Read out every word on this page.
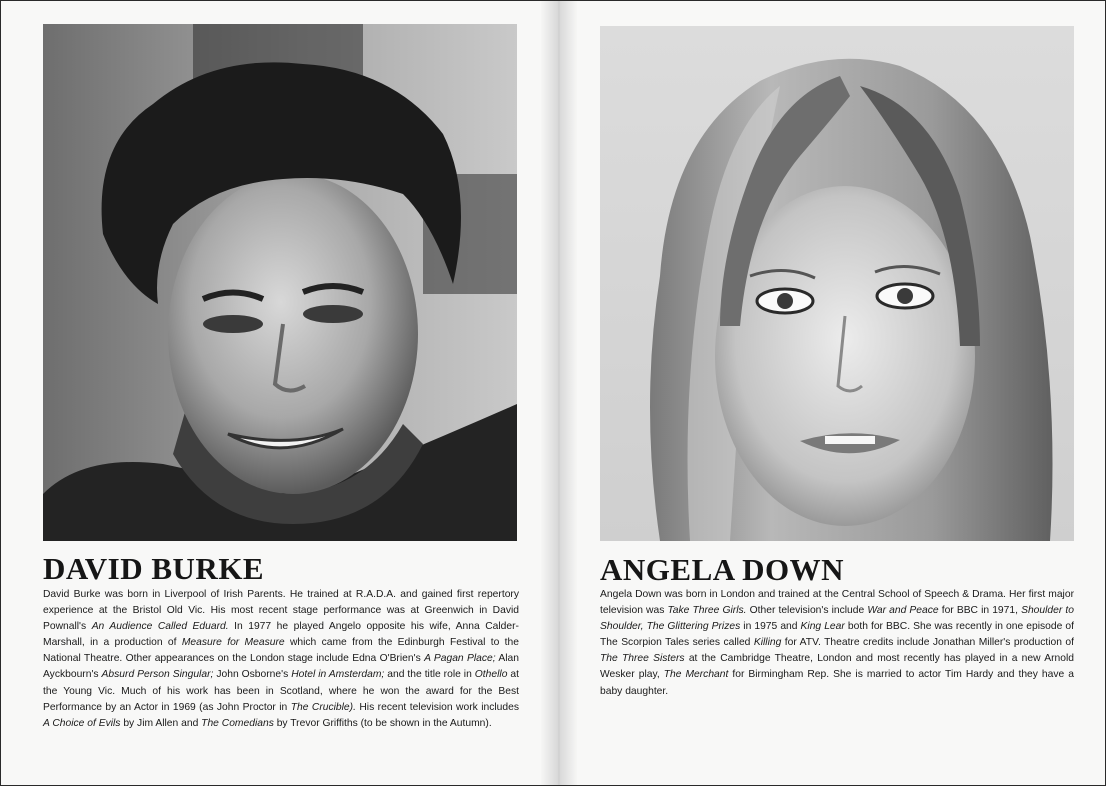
DAVID BURKE
David Burke was born in Liverpool of Irish Parents. He trained at R.A.D.A. and gained first repertory experience at the Bristol Old Vic. His most recent stage performance was at Greenwich in David Pownall's An Audience Called Eduard. In 1977 he played Angelo opposite his wife, Anna Calder-Marshall, in a production of Measure for Measure which came from the Edinburgh Festival to the National Theatre. Other appearances on the London stage include Edna O'Brien's A Pagan Place; Alan Ayckbourn's Absurd Person Singular; John Osborne's Hotel in Amsterdam; and the title role in Othello at the Young Vic. Much of his work has been in Scotland, where he won the award for the Best Performance by an Actor in 1969 (as John Proctor in The Crucible). His recent television work includes A Choice of Evils by Jim Allen and The Comedians by Trevor Griffiths (to be shown in the Autumn).
ANGELA DOWN
Angela Down was born in London and trained at the Central School of Speech & Drama. Her first major television was Take Three Girls. Other television's include War and Peace for BBC in 1971, Shoulder to Shoulder, The Glittering Prizes in 1975 and King Lear both for BBC. She was recently in one episode of The Scorpion Tales series called Killing for ATV. Theatre credits include Jonathan Miller's production of The Three Sisters at the Cambridge Theatre, London and most recently has played in a new Arnold Wesker play, The Merchant for Birmingham Rep. She is married to actor Tim Hardy and they have a baby daughter.
